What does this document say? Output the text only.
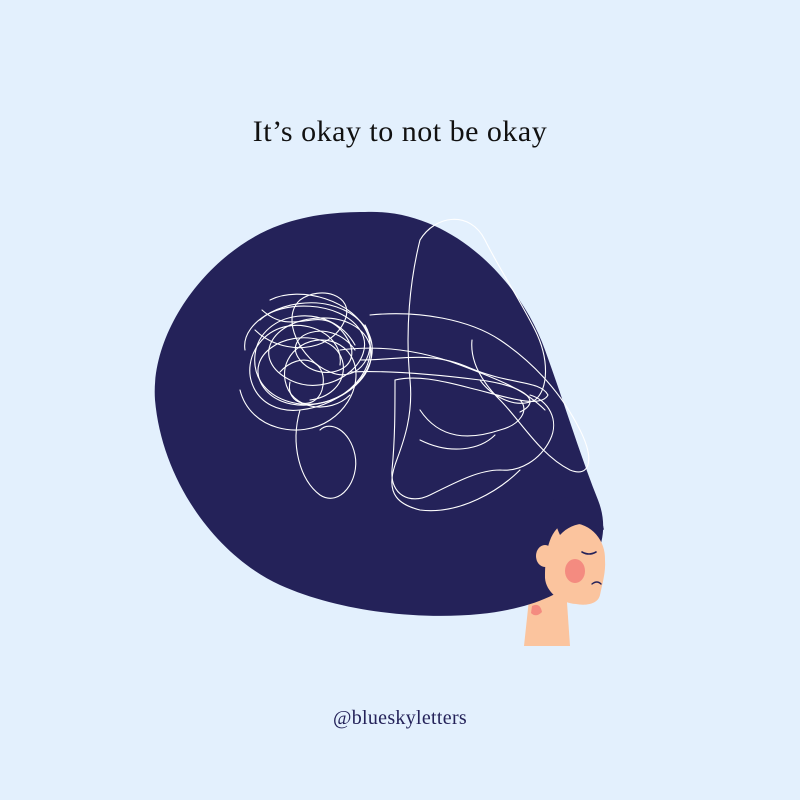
It’s okay to not be okay
@blueskyletters
